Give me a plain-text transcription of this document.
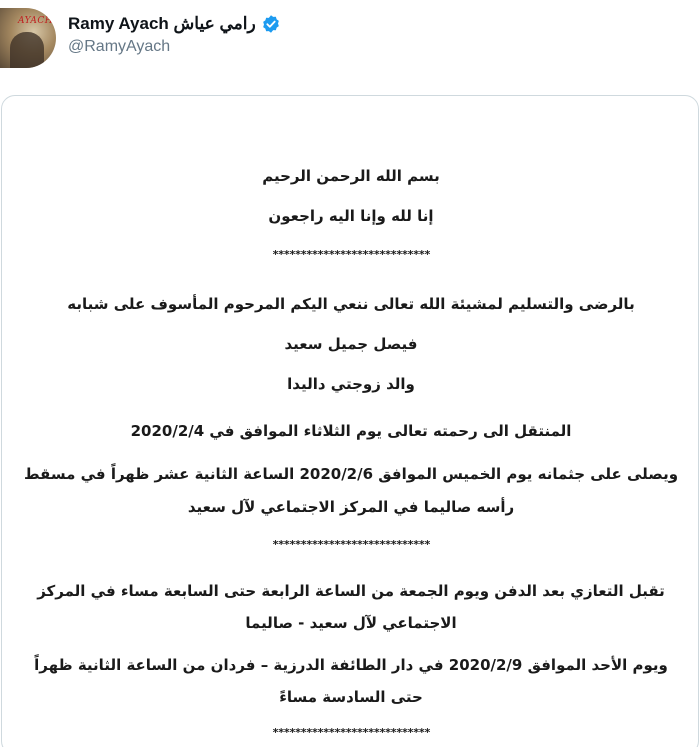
AYACH Ramy Ayach رامي عياش
@RamyAyach
بسم الله الرحمن الرحيم
إنا لله وإنا اليه راجعون
****************************
بالرضى والتسليم لمشيئة الله تعالى ننعي اليكم المرحوم المأسوف على شبابه
فيصل جميل سعيد
والد زوجتي داليدا
المنتقل الى رحمته تعالى يوم الثلاثاء الموافق في 2020/2/4
ويصلى على جثمانه يوم الخميس الموافق 2020/2/6 الساعة الثانية عشر ظهراً في مسقط
رأسه صاليما في المركز الاجتماعي لآل سعيد
****************************
تقبل التعازي بعد الدفن ويوم الجمعة من الساعة الرابعة حتى السابعة مساء في المركز
الاجتماعي لآل سعيد - صاليما
ويوم الأحد الموافق 2020/2/9 في دار الطائفة الدرزية – فردان من الساعة الثانية ظهراً
حتى السادسة مساءً
****************************
